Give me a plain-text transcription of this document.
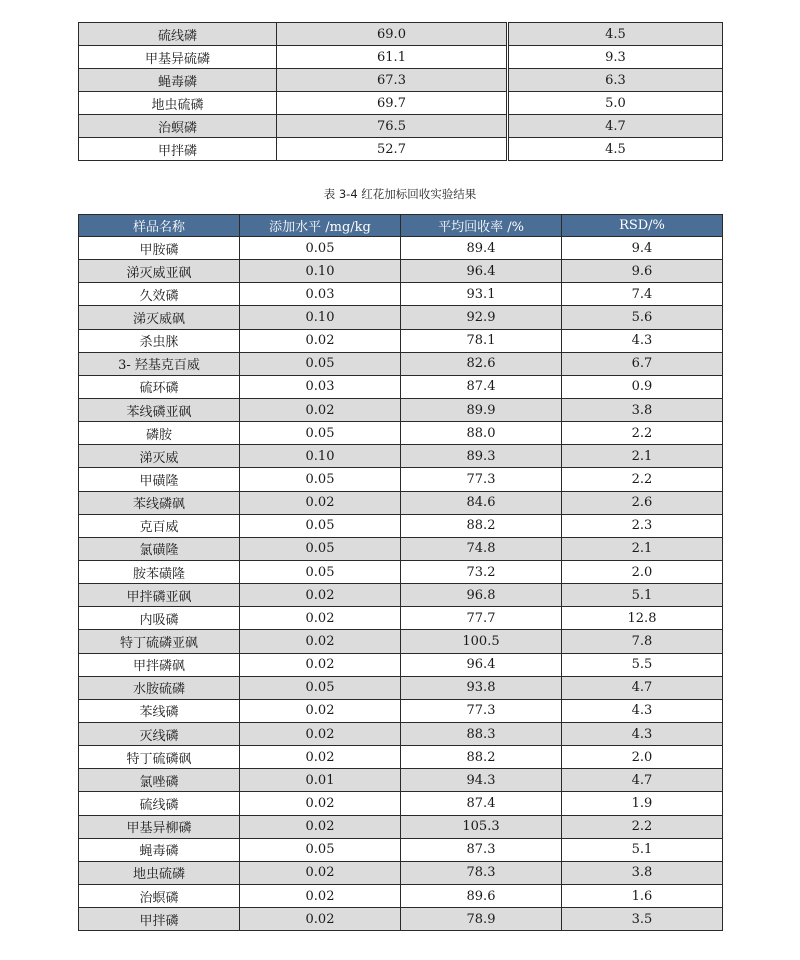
硫线磷	69.0		4.5
甲基异硫磷	61.1		9.3
蝇毒磷	67.3		6.3
地虫硫磷	69.7		5.0
治螟磷	76.5		4.7
甲拌磷	52.7		4.5
表 3-4 红花加标回收实验结果
样品名称	添加水平 /mg/kg	平均回收率 /%	RSD/%
甲胺磷	0.05	89.4	9.4
涕灭威亚砜	0.10	96.4	9.6
久效磷	0.03	93.1	7.4
涕灭威砜	0.10	92.9	5.6
杀虫脒	0.02	78.1	4.3
3- 羟基克百威	0.05	82.6	6.7
硫环磷	0.03	87.4	0.9
苯线磷亚砜	0.02	89.9	3.8
磷胺	0.05	88.0	2.2
涕灭威	0.10	89.3	2.1
甲磺隆	0.05	77.3	2.2
苯线磷砜	0.02	84.6	2.6
克百威	0.05	88.2	2.3
氯磺隆	0.05	74.8	2.1
胺苯磺隆	0.05	73.2	2.0
甲拌磷亚砜	0.02	96.8	5.1
内吸磷	0.02	77.7	12.8
特丁硫磷亚砜	0.02	100.5	7.8
甲拌磷砜	0.02	96.4	5.5
水胺硫磷	0.05	93.8	4.7
苯线磷	0.02	77.3	4.3
灭线磷	0.02	88.3	4.3
特丁硫磷砜	0.02	88.2	2.0
氯唑磷	0.01	94.3	4.7
硫线磷	0.02	87.4	1.9
甲基异柳磷	0.02	105.3	2.2
蝇毒磷	0.05	87.3	5.1
地虫硫磷	0.02	78.3	3.8
治螟磷	0.02	89.6	1.6
甲拌磷	0.02	78.9	3.5
